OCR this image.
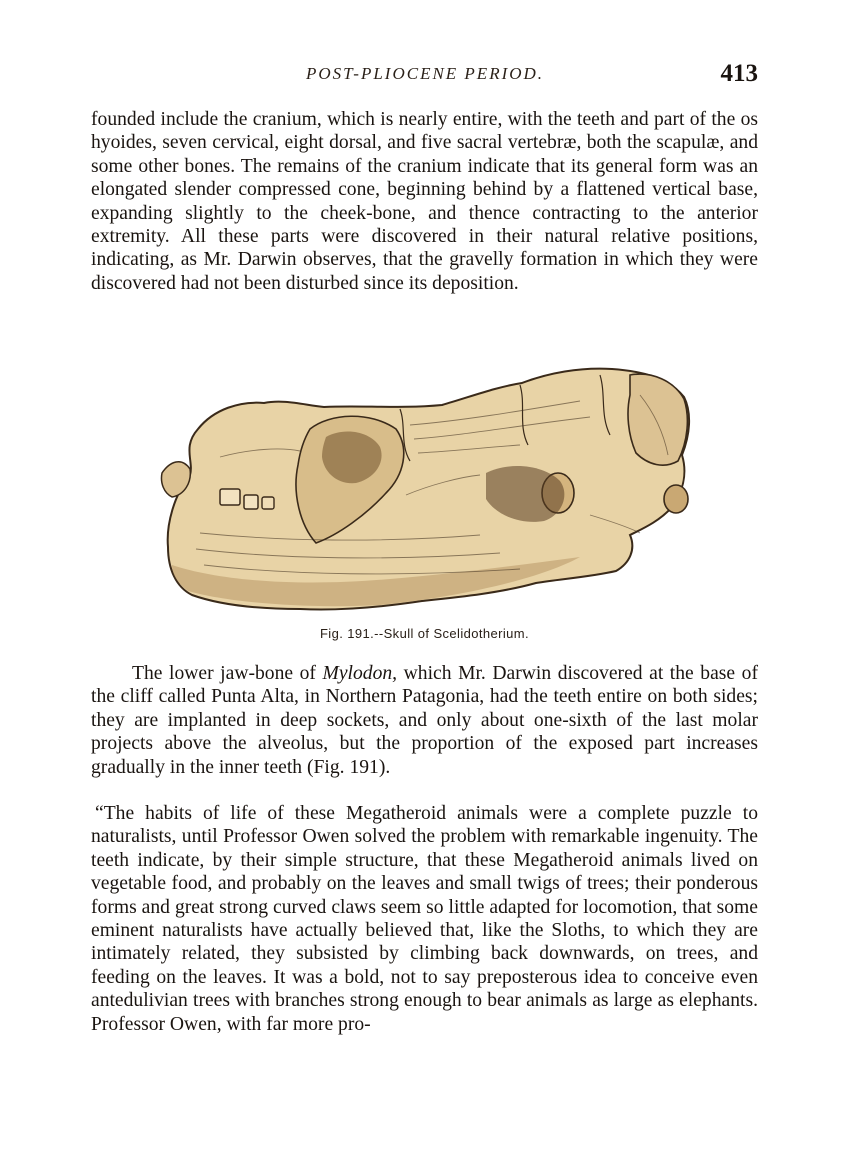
POST-PLIOCENE PERIOD.	413

founded include the cranium, which is nearly entire, with the teeth and part of the os hyoides, seven cervical, eight dorsal, and five sacral vertebræ, both the scapulæ, and some other bones. The remains of the cranium indicate that its general form was an elongated slender compressed cone, beginning behind by a flattened vertical base, expanding slightly to the cheek-bone, and thence contracting to the anterior extremity. All these parts were discovered in their natural relative positions, indicating, as Mr. Darwin observes, that the gravelly formation in which they were discovered had not been disturbed since its deposition.

Fig. 191.--Skull of Scelidotherium.

The lower jaw-bone of Mylodon, which Mr. Darwin discovered at the base of the cliff called Punta Alta, in Northern Patagonia, had the teeth entire on both sides; they are implanted in deep sockets, and only about one-sixth of the last molar projects above the alveolus, but the proportion of the exposed part increases gradually in the inner teeth (Fig. 191).

“The habits of life of these Megatheroid animals were a complete puzzle to naturalists, until Professor Owen solved the problem with remarkable ingenuity. The teeth indicate, by their simple structure, that these Megatheroid animals lived on vegetable food, and probably on the leaves and small twigs of trees; their ponderous forms and great strong curved claws seem so little adapted for locomotion, that some eminent naturalists have actually believed that, like the Sloths, to which they are intimately related, they subsisted by climbing back downwards, on trees, and feeding on the leaves. It was a bold, not to say preposterous idea to conceive even antedulivian trees with branches strong enough to bear animals as large as elephants. Professor Owen, with far more pro-
